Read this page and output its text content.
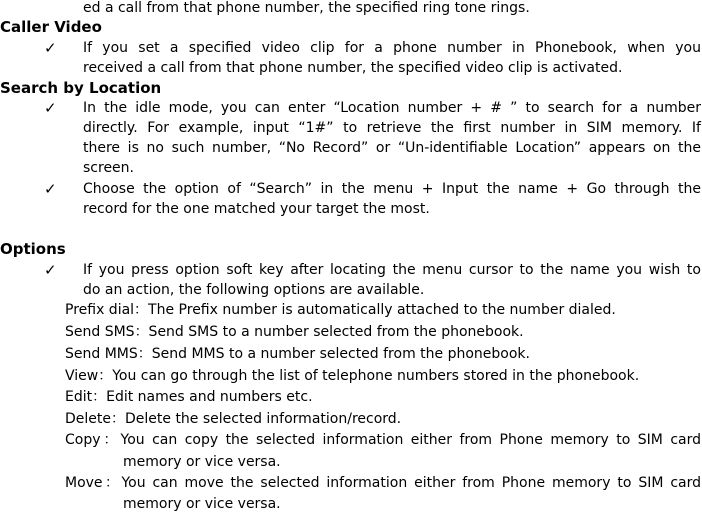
ed a call from that phone number, the specified ring tone rings.
Caller Video
✓ If you set a specified video clip for a phone number in Phonebook, when you
received a call from that phone number, the specified video clip is activated.
Search by Location
✓ In the idle mode, you can enter “Location number + # ” to search for a number
directly. For example, input “1#” to retrieve the first number in SIM memory. If
there is no such number, “No Record” or “Un-identifiable Location” appears on the
screen.
✓ Choose the option of “Search” in the menu + Input the name + Go through the
record for the one matched your target the most.
Options
✓ If you press option soft key after locating the menu cursor to the name you wish to
do an action, the following options are available.
Prefix dial：The Prefix number is automatically attached to the number dialed.
Send SMS：Send SMS to a number selected from the phonebook.
Send MMS：Send MMS to a number selected from the phonebook.
View：You can go through the list of telephone numbers stored in the phonebook.
Edit：Edit names and numbers etc.
Delete：Delete the selected information/record.
Copy：You can copy the selected information either from Phone memory to SIM card
memory or vice versa.
Move：You can move the selected information either from Phone memory to SIM card
memory or vice versa.
